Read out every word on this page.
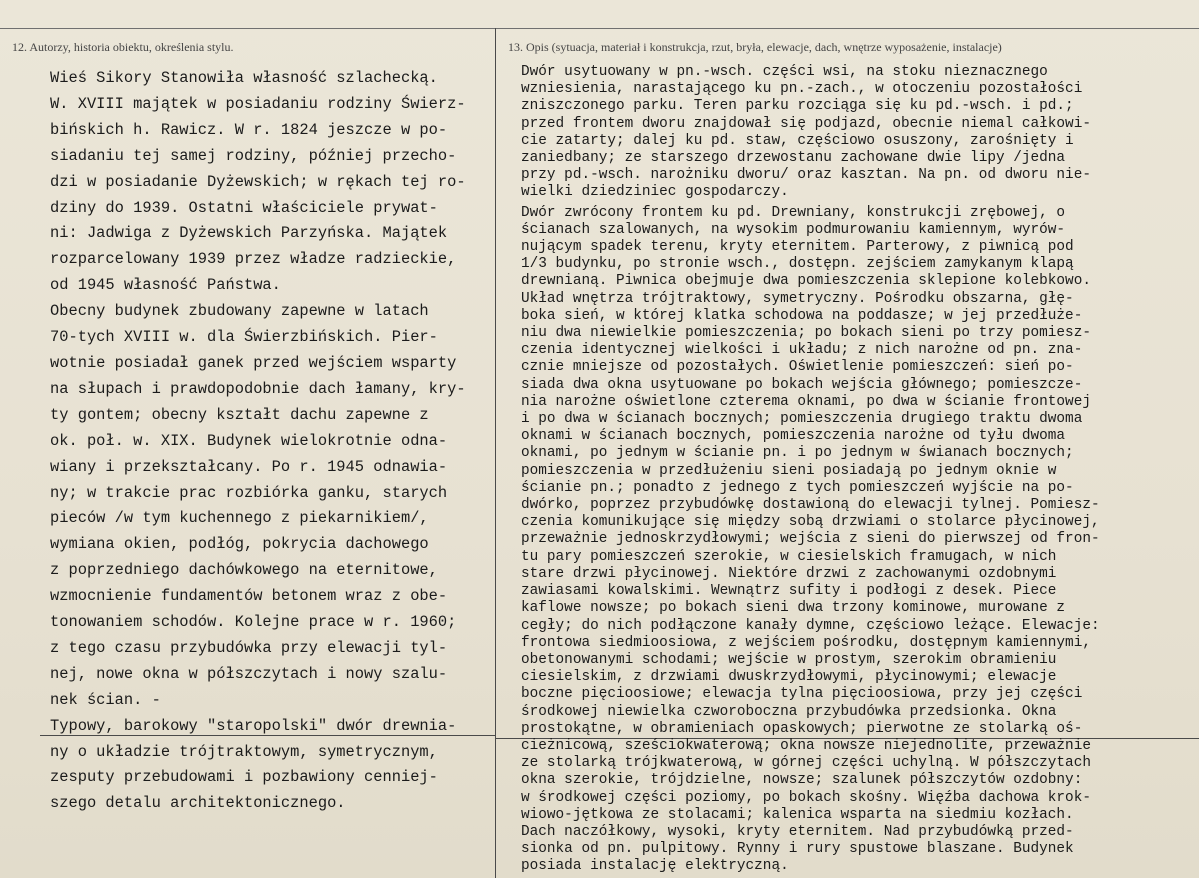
12. Autorzy, historia obiektu, określenia stylu.	13. Opis (sytuacja, materiał i konstrukcja, rzut, bryła, elewacje, dach, wnętrze wyposażenie, instalacje)
Wieś Sikory Stanowiła własność szlachecką.
W. XVIII majątek w posiadaniu rodziny Świerz-
bińskich h. Rawicz. W r. 1824 jeszcze w po-
siadaniu tej samej rodziny, później przecho-
dzi w posiadanie Dyżewskich; w rękach tej ro-
dziny do 1939. Ostatni właściciele prywat-
ni: Jadwiga z Dyżewskich Parzyńska. Majątek
rozparcelowany 1939 przez władze radzieckie,
od 1945 własność Państwa.
Obecny budynek zbudowany zapewne w latach
70-tych XVIII w. dla Świerzbińskich. Pier-
wotnie posiadał ganek przed wejściem wsparty
na słupach i prawdopodobnie dach łamany, kry-
ty gontem; obecny kształt dachu zapewne z
ok. poł. w. XIX. Budynek wielokrotnie odna-
wiany i przekształcany. Po r. 1945 odnawia-
ny; w trakcie prac rozbiórka ganku, starych
pieców /w tym kuchennego z piekarnikiem/,
wymiana okien, podłóg, pokrycia dachowego
z poprzedniego dachówkowego na eternitowe,
wzmocnienie fundamentów betonem wraz z obe-
tonowaniem schodów. Kolejne prace w r. 1960;
z tego czasu przybudówka przy elewacji tyl-
nej, nowe okna w półszczytach i nowy szalu-
nek ścian. -
Typowy, barokowy "staropolski" dwór drewnia-
ny o układzie trójtraktowym, symetrycznym,
zesputy przebudowami i pozbawiony cenniej-
szego detalu architektonicznego.
Dwór usytuowany w pn.-wsch. części wsi, na stoku nieznacznego
wzniesienia, narastającego ku pn.-zach., w otoczeniu pozostałości
zniszczonego parku. Teren parku rozciąga się ku pd.-wsch. i pd.;
przed frontem dworu znajdował się podjazd, obecnie niemal całkowi-
cie zatarty; dalej ku pd. staw, częściowo osuszony, zarośnięty i
zaniedbany; ze starszego drzewostanu zachowane dwie lipy /jedna
przy pd.-wsch. narożniku dworu/ oraz kasztan. Na pn. od dworu nie-
wielki dziedziniec gospodarczy.
Dwór zwrócony frontem ku pd. Drewniany, konstrukcji zrębowej, o
ścianach szalowanych, na wysokim podmurowaniu kamiennym, wyrów-
nującym spadek terenu, kryty eternitem. Parterowy, z piwnicą pod
1/3 budynku, po stronie wsch., dostępn. zejściem zamykanym klapą
drewnianą. Piwnica obejmuje dwa pomieszczenia sklepione kolebkowo.
Układ wnętrza trójtraktowy, symetryczny. Pośrodku obszarna, głę-
boka sień, w której klatka schodowa na poddasze; w jej przedłuże-
niu dwa niewielkie pomieszczenia; po bokach sieni po trzy pomiesz-
czenia identycznej wielkości i układu; z nich narożne od pn. zna-
cznie mniejsze od pozostałych. Oświetlenie pomieszczeń: sień po-
siada dwa okna usytuowane po bokach wejścia głównego; pomieszcze-
nia narożne oświetlone czterema oknami, po dwa w ścianie frontowej
i po dwa w ścianach bocznych; pomieszczenia drugiego traktu dwoma
oknami w ścianach bocznych, pomieszczenia narożne od tyłu dwoma
oknami, po jednym w ścianie pn. i po jednym w świanach bocznych;
pomieszczenia w przedłużeniu sieni posiadają po jednym oknie w
ścianie pn.; ponadto z jednego z tych pomieszczeń wyjście na po-
dwórko, poprzez przybudówkę dostawioną do elewacji tylnej. Pomiesz-
czenia komunikujące się między sobą drzwiami o stolarce płycinowej,
przeważnie jednoskrzydłowymi; wejścia z sieni do pierwszej od fron-
tu pary pomieszczeń szerokie, w ciesielskich framugach, w nich
stare drzwi płycinowej. Niektóre drzwi z zachowanymi ozdobnymi
zawiasami kowalskimi. Wewnątrz sufity i podłogi z desek. Piece
kaflowe nowsze; po bokach sieni dwa trzony kominowe, murowane z
cegły; do nich podłączone kanały dymne, częściowo leżące. Elewacje:
frontowa siedmioosiowa, z wejściem pośrodku, dostępnym kamiennymi,
obetonowanymi schodami; wejście w prostym, szerokim obramieniu
ciesielskim, z drzwiami dwuskrzydłowymi, płycinowymi; elewacje
boczne pięcioosiowe; elewacja tylna pięcioosiowa, przy jej części
środkowej niewielka czworoboczna przybudówka przedsionka. Okna
prostokątne, w obramieniach opaskowych; pierwotne ze stolarką oś-
cieżnicową, sześciokwaterową; okna nowsze niejednolite, przeważnie
ze stolarką trójkwaterową, w górnej części uchylną. W półszczytach
okna szerokie, trójdzielne, nowsze; szalunek półszczytów ozdobny:
w środkowej części poziomy, po bokach skośny. Więźba dachowa krok-
wiowo-jętkowa ze stolacami; kalenica wsparta na siedmiu kozłach.
Dach naczółkowy, wysoki, kryty eternitem. Nad przybudówką przed-
sionka od pn. pulpitowy. Rynny i rury spustowe blaszane. Budynek
posiada instalację elektryczną.
